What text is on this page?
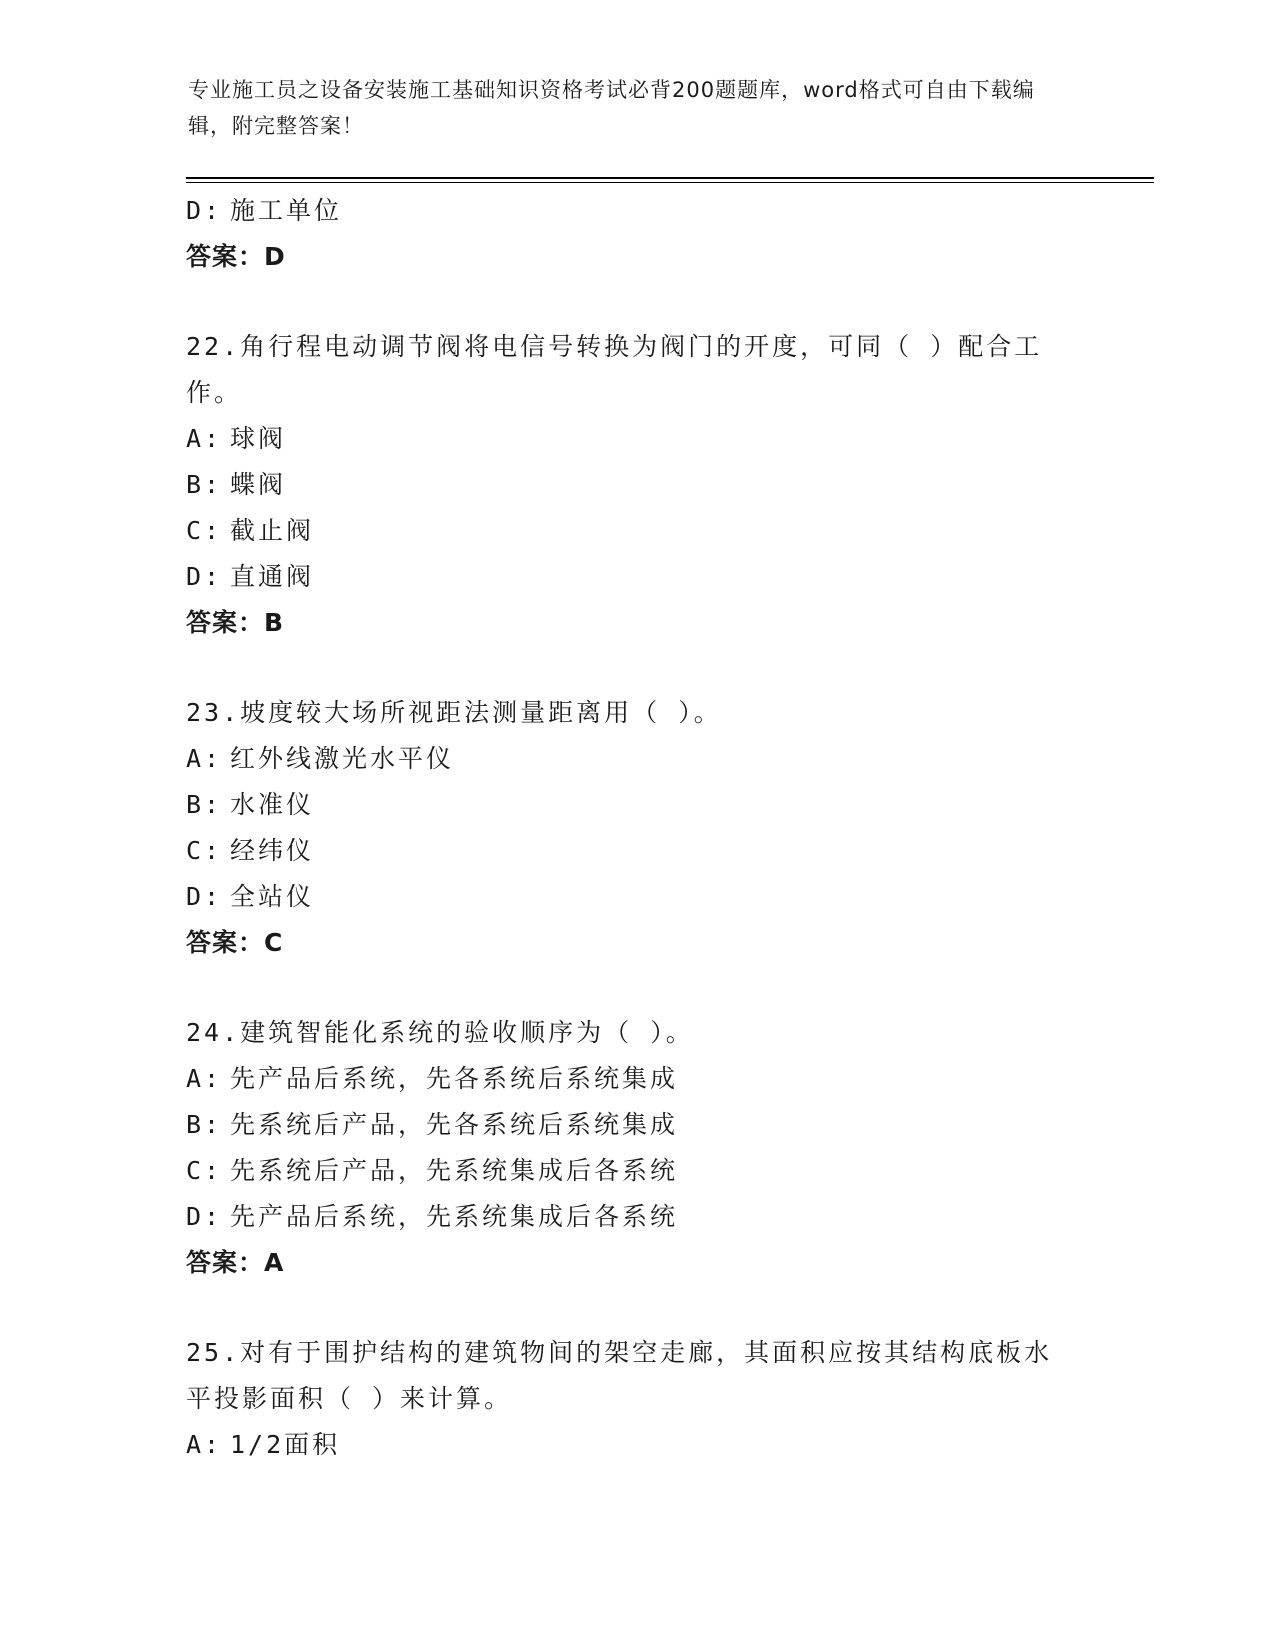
专业施工员之设备安装施工基础知识资格考试必背200题题库，word格式可自由下载编辑，附完整答案！
D: 施工单位
答案：D
22.角行程电动调节阀将电信号转换为阀门的开度，可同（ ）配合工作。
A: 球阀
B: 蝶阀
C: 截止阀
D: 直通阀
答案：B
23.坡度较大场所视距法测量距离用（ ）。
A: 红外线激光水平仪
B: 水准仪
C: 经纬仪
D: 全站仪
答案：C
24.建筑智能化系统的验收顺序为（ ）。
A: 先产品后系统，先各系统后系统集成
B: 先系统后产品，先各系统后系统集成
C: 先系统后产品，先系统集成后各系统
D: 先产品后系统，先系统集成后各系统
答案：A
25.对有于围护结构的建筑物间的架空走廊，其面积应按其结构底板水平投影面积（ ）来计算。
A: 1/2面积
